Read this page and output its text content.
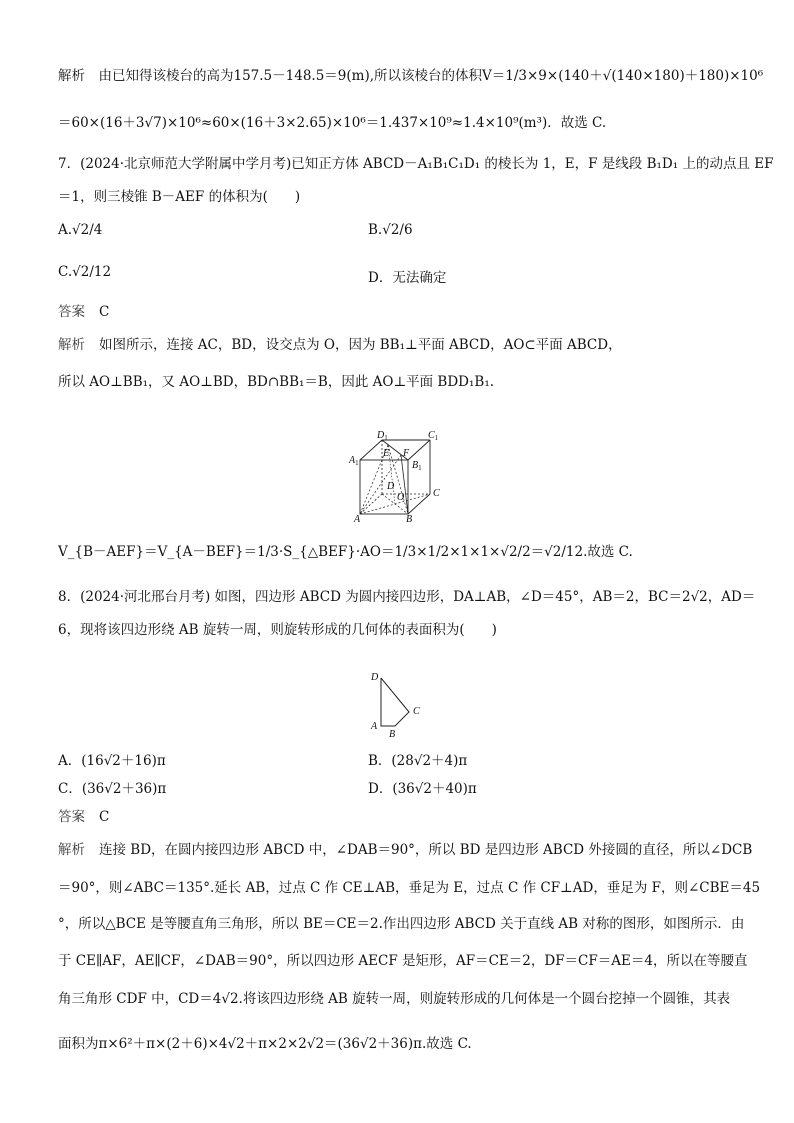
解析　由已知得该棱台的高为157.5－148.5＝9(m),所以该棱台的体积V＝1/3×9×(140＋√(140×180)＋180)×10⁶
＝60×(16＋3√7)×10⁶≈60×(16＋3×2.65)×10⁶＝1.437×10⁹≈1.4×10⁹(m³)．故选 C.
7．(2024·北京师范大学附属中学月考)已知正方体 ABCD－A₁B₁C₁D₁ 的棱长为 1，E，F 是线段 B₁D₁ 上的动点且 EF
＝1，则三棱锥 B－AEF 的体积为(　　)
A.√2/4	B.√2/6
C.√2/12	D．无法确定
答案 C
解析 如图所示，连接 AC，BD，设交点为 O，因为 BB₁⊥平面 ABCD，AO⊂平面 ABCD，
所以 AO⊥BB₁，又 AO⊥BD，BD∩BB₁＝B，因此 AO⊥平面 BDD₁B₁.
$D_1$	$C_1$
$A_1$	$B_1$
E F
D
O	C
A	B
V_{B－AEF}＝V_{A－BEF}＝1/3·S_{△BEF}·AO＝1/3×1/2×1×1×√2/2＝√2/12.故选 C.
8．(2024·河北邢台月考) 如图，四边形 ABCD 为圆内接四边形，DA⊥AB，∠D＝45°，AB＝2，BC＝2√2，AD＝
6，现将该四边形绕 AB 旋转一周，则旋转形成的几何体的表面积为(　　)
D
C
A
B
A．(16√2＋16)π	B．(28√2＋4)π
C．(36√2＋36)π	D．(36√2＋40)π
答案 C
解析 连接 BD，在圆内接四边形 ABCD 中，∠DAB＝90°，所以 BD 是四边形 ABCD 外接圆的直径，所以∠DCB
＝90°，则∠ABC＝135°.延长 AB，过点 C 作 CE⊥AB，垂足为 E，过点 C 作 CF⊥AD，垂足为 F，则∠CBE＝45
°，所以△BCE 是等腰直角三角形，所以 BE＝CE＝2.作出四边形 ABCD 关于直线 AB 对称的图形，如图所示．由
于 CE∥AF，AE∥CF，∠DAB＝90°，所以四边形 AECF 是矩形，AF＝CE＝2，DF＝CF＝AE＝4，所以在等腰直
角三角形 CDF 中，CD＝4√2.将该四边形绕 AB 旋转一周，则旋转形成的几何体是一个圆台挖掉一个圆锥，其表
面积为π×6²＋π×(2＋6)×4√2＋π×2×2√2＝(36√2＋36)π.故选 C.
